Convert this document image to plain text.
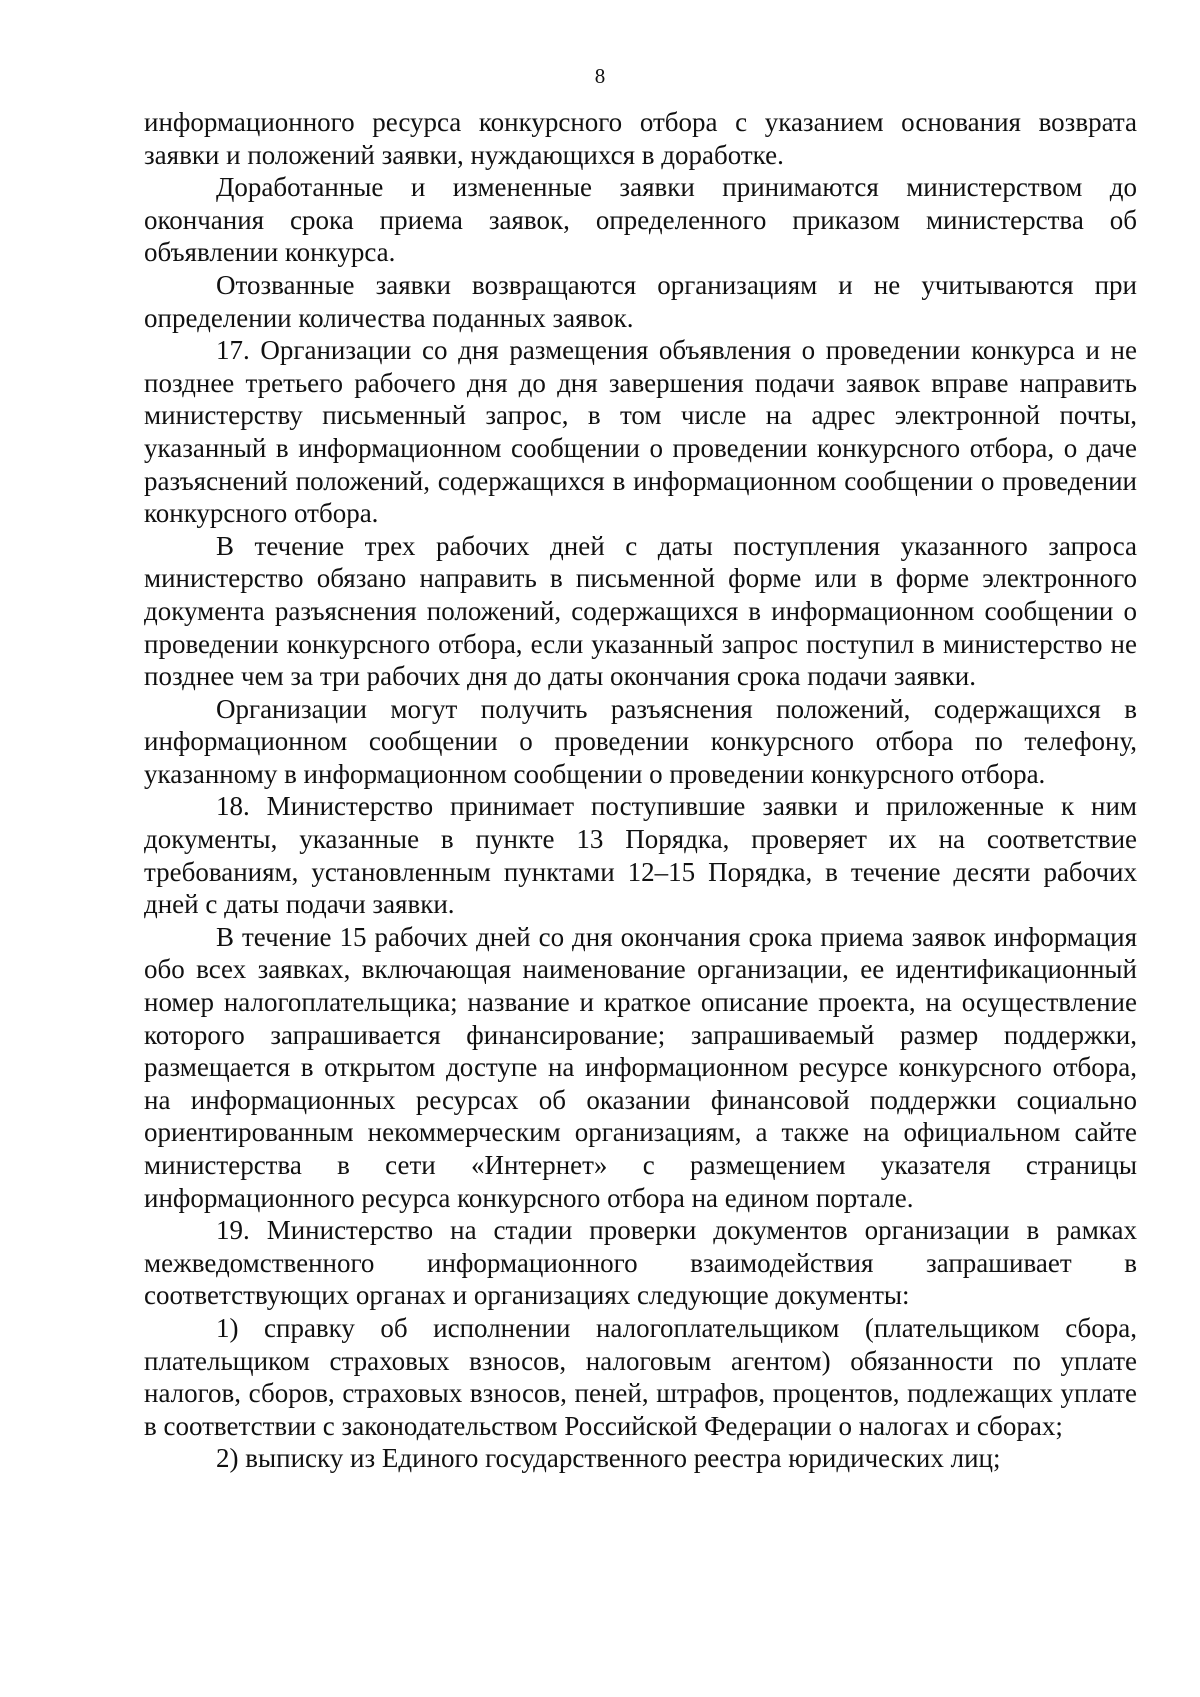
8

информационного ресурса конкурсного отбора с указанием основания возврата заявки и положений заявки, нуждающихся в доработке.

Доработанные и измененные заявки принимаются министерством до окончания срока приема заявок, определенного приказом министерства об объявлении конкурса.

Отозванные заявки возвращаются организациям и не учитываются при определении количества поданных заявок.

17. Организации со дня размещения объявления о проведении конкурса и не позднее третьего рабочего дня до дня завершения подачи заявок вправе направить министерству письменный запрос, в том числе на адрес электронной почты, указанный в информационном сообщении о проведении конкурсного отбора, о даче разъяснений положений, содержащихся в информационном сообщении о проведении конкурсного отбора.

В течение трех рабочих дней с даты поступления указанного запроса министерство обязано направить в письменной форме или в форме электронного документа разъяснения положений, содержащихся в информационном сообщении о проведении конкурсного отбора, если указанный запрос поступил в министерство не позднее чем за три рабочих дня до даты окончания срока подачи заявки.

Организации могут получить разъяснения положений, содержащихся в информационном сообщении о проведении конкурсного отбора по телефону, указанному в информационном сообщении о проведении конкурсного отбора.

18. Министерство принимает поступившие заявки и приложенные к ним документы, указанные в пункте 13 Порядка, проверяет их на соответствие требованиям, установленным пунктами 12–15 Порядка, в течение десяти рабочих дней с даты подачи заявки.

В течение 15 рабочих дней со дня окончания срока приема заявок информация обо всех заявках, включающая наименование организации, ее идентификационный номер налогоплательщика; название и краткое описание проекта, на осуществление которого запрашивается финансирование; запрашиваемый размер поддержки, размещается в открытом доступе на информационном ресурсе конкурсного отбора, на информационных ресурсах об оказании финансовой поддержки социально ориентированным некоммерческим организациям, а также на официальном сайте министерства в сети «Интернет» с размещением указателя страницы информационного ресурса конкурсного отбора на едином портале.

19. Министерство на стадии проверки документов организации в рамках межведомственного информационного взаимодействия запрашивает в соответствующих органах и организациях следующие документы:

1) справку об исполнении налогоплательщиком (плательщиком сбора, плательщиком страховых взносов, налоговым агентом) обязанности по уплате налогов, сборов, страховых взносов, пеней, штрафов, процентов, подлежащих уплате в соответствии с законодательством Российской Федерации о налогах и сборах;

2) выписку из Единого государственного реестра юридических лиц;
